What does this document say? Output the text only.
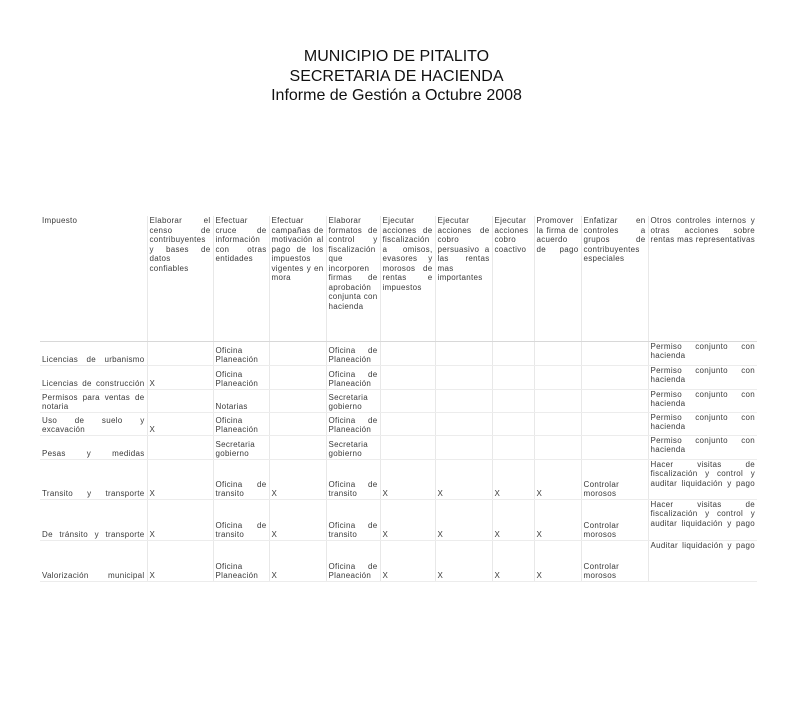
MUNICIPIO DE PITALITO
SECRETARIA DE HACIENDA
Informe de Gestión a Octubre 2008
Impuesto	Elaborar el censo de contribuyentes y bases de datos confiables	Efectuar cruce de información con otras entidades	Efectuar campañas de motivación al pago de los impuestos vigentes y en mora	Elaborar formatos de control y fiscalización que incorporen firmas de aprobación conjunta con hacienda	Ejecutar acciones de fiscalización a omisos, evasores y morosos de rentas e impuestos	Ejecutar acciones de cobro persuasivo a las rentas mas importantes	Ejecutar acciones cobro coactivo	Promover la firma de acuerdo de pago	Enfatizar en controles a grupos de contribuyentes especiales	Otros controles internos y otras acciones sobre rentas mas representativas
Licencias de urbanismo		Oficina Planeación		Oficina de Planeación						Permiso conjunto con hacienda
Licencias de construcción	X	Oficina Planeación		Oficina de Planeación						Permiso conjunto con hacienda
Permisos para ventas de notaria		Notarias		Secretaria gobierno						Permiso conjunto con hacienda
Uso de suelo y excavación	X	Oficina Planeación		Oficina de Planeación						Permiso conjunto con hacienda
Pesas y medidas		Secretaria gobierno		Secretaria gobierno						Permiso conjunto con hacienda
Transito y transporte	X	Oficina de transito	X	Oficina de transito	X	X	X	X	Controlar morosos	Hacer visitas de fiscalización y control y auditar liquidación y pago
De tránsito y transporte	X	Oficina de transito	X	Oficina de transito	X	X	X	X	Controlar morosos	Hacer visitas de fiscalización y control y auditar liquidación y pago
Valorización municipal	X	Oficina Planeación	X	Oficina de Planeación	X	X	X	X	Controlar morosos	Auditar liquidación y pago
